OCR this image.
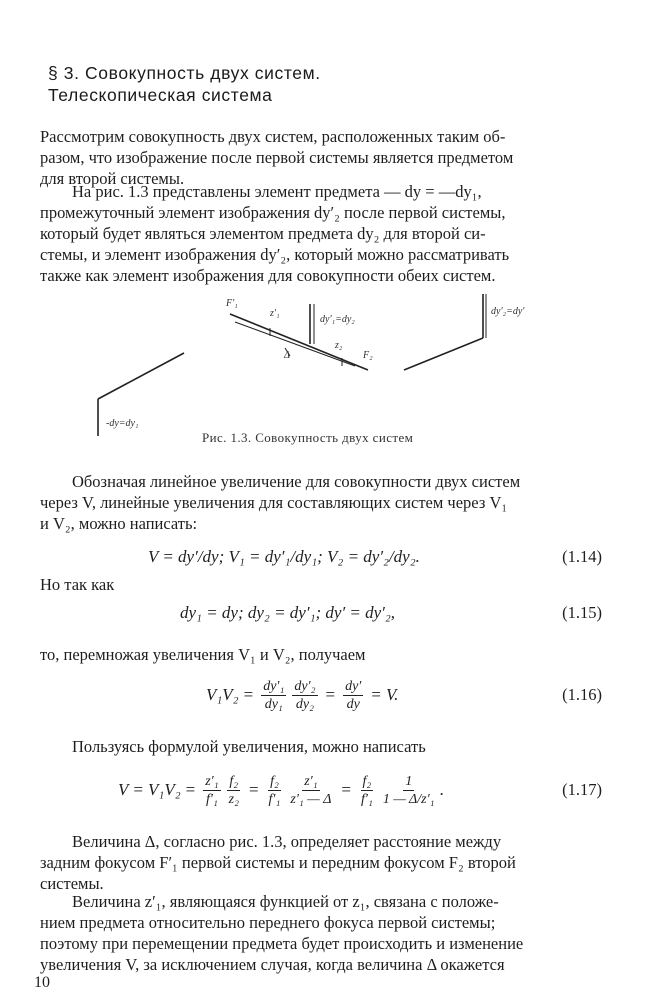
§ 3. Совокупность двух систем.
Телескопическая система
Рассмотрим совокупность двух систем, расположенных таким об-
разом, что изображение после первой системы является предметом
для второй системы.
На рис. 1.3 представлены элемент предмета — dy = —dy₁,
промежуточный элемент изображения dy′₂ после первой системы,
который будет являться элементом предмета dy₂ для второй си-
стемы, и элемент изображения dy′₂, который можно рассматривать
также как элемент изображения для совокупности обеих систем.
F′₁
z′₁
dy′₁=dy₂
z₂
F₂
Δ
dy′₂=dy′
-dy=dy₁
Рис. 1.3. Совокупность двух систем
Обозначая линейное увеличение для совокупности двух систем
через V, линейные увеличения для составляющих систем через V₁
и V₂, можно написать:
V = dy′/dy; V₁ = dy′₁/dy₁; V₂ = dy′₂/dy₂.	(1.14)
Но так как
dy₁ = dy; dy₂ = dy′₁; dy′ = dy′₂,	(1.15)
то, перемножая увеличения V₁ и V₂, получаем
$V_1V_2 = \frac{\text{dy′₁}}{\text{dy₁}} \frac{\text{dy′₂}}{\text{dy₂}} = \frac{dy'}{dy} = V$.	(1.16)
Пользуясь формулой увеличения, можно написать
$V = V_1V_2 = \frac{\text{z′₁}}{\text{f′₁}} \frac{\text{f₂}}{\text{z₂}} = \frac{\text{f₂}}{\text{f′₁}} \frac{\text{z′₁}}{\text{z′₁ — Δ}} = \frac{\text{f₂}}{\text{f′₁}} \frac{1}{\text{1 — Δ/z′₁}}$ .	(1.17)
Величина Δ, согласно рис. 1.3, определяет расстояние между
задним фокусом F′₁ первой системы и передним фокусом F₂ второй
системы.
Величина z′₁, являющаяся функцией от z₁, связана с положе-
нием предмета относительно переднего фокуса первой системы;
поэтому при перемещении предмета будет происходить и изменение
увеличения V, за исключением случая, когда величина Δ окажется
10
